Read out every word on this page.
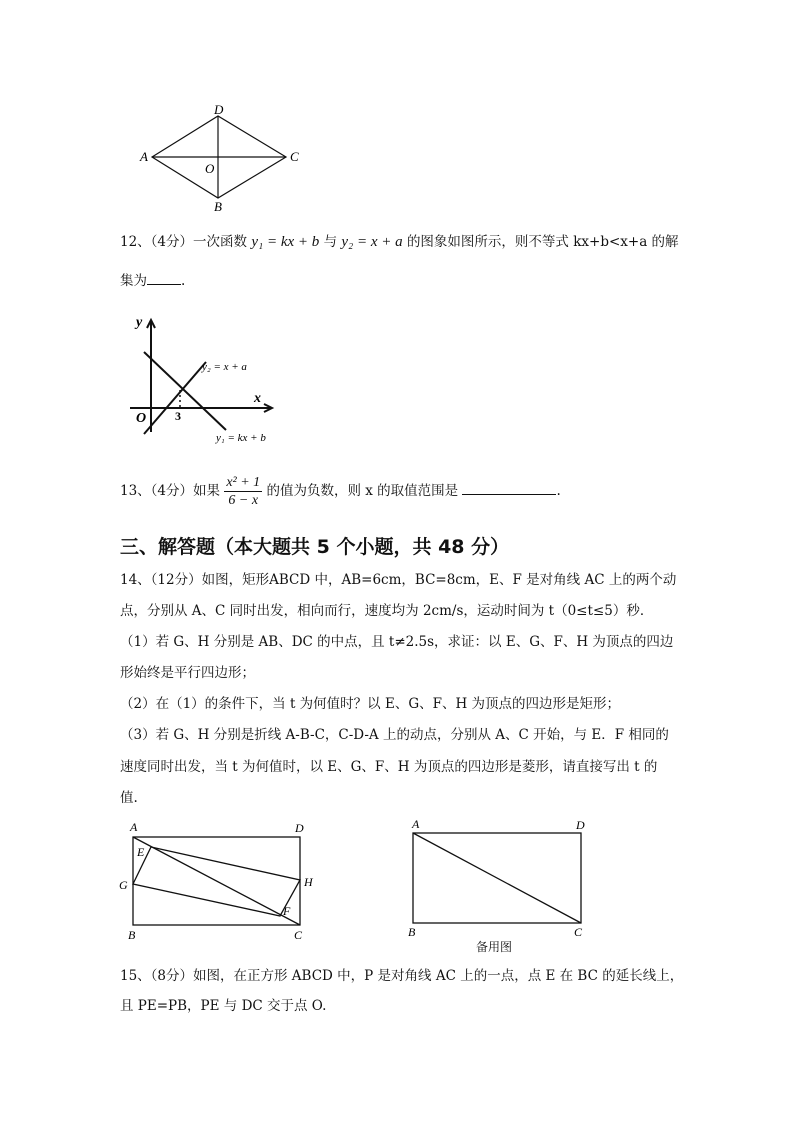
A
D
C
B
O
12、（4分）一次函数 y₁ = kx + b 与 y₂ = x + a 的图象如图所示，则不等式 kx+b<x+a 的解
集为	.
y
x
O 3
y₂ = x + a
y₁ = kx + b
13、（4分）如果 $\frac{\text{x² + 1}}{6 - x}$ 的值为负数，则 x 的取值范围是	.
三、解答题（本大题共 5 个小题，共 48 分）
14、（12分）如图，矩形ABCD 中，AB=6cm，BC=8cm，E、F 是对角线 AC 上的两个动
点，分别从 A、C 同时出发，相向而行，速度均为 2cm/s，运动时间为 t（0≤t≤5）秒．
（1）若 G、H 分别是 AB、DC 的中点，且 t≠2.5s，求证：以 E、G、F、H 为顶点的四边
形始终是平行四边形；
（2）在（1）的条件下，当 t 为何值时？以 E、G、F、H 为顶点的四边形是矩形；
（3）若 G、H 分别是折线 A-B-C，C-D-A 上的动点，分别从 A、C 开始，与 E．F 相同的
速度同时出发，当 t 为何值时，以 E、G、F、H 为顶点的四边形是菱形，请直接写出 t 的
值.
A	D
B	C
E
F
G	H
A	D
B	C
备用图
15、（8分）如图，在正方形 ABCD 中，P 是对角线 AC 上的一点，点 E 在 BC 的延长线上，
且 PE=PB，PE 与 DC 交于点 O.
